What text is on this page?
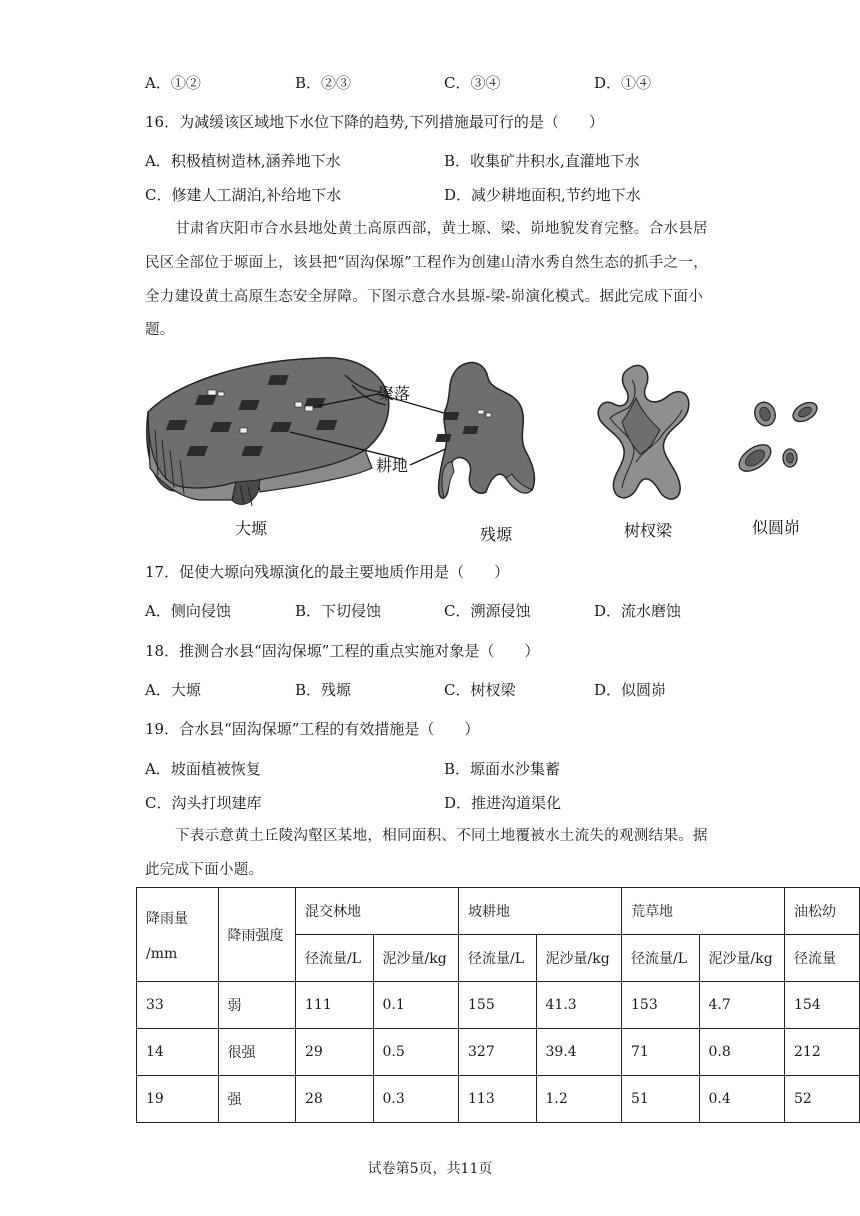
A．①②	B．②③	C．③④	D．①④
16．为减缓该区域地下水位下降的趋势,下列措施最可行的是（　　）
A．积极植树造林,涵养地下水	B．收集矿井积水,直灌地下水
C．修建人工湖泊,补给地下水	D．减少耕地面积,节约地下水
甘肃省庆阳市合水县地处黄土高原西部，黄土塬、梁、峁地貌发育完整。合水县居
民区全部位于塬面上，该县把“固沟保塬”工程作为创建山清水秀自然生态的抓手之一，
全力建设黄土高原生态安全屏障。下图示意合水县塬-梁-峁演化模式。据此完成下面小
题。
聚落
耕地
大塬	残塬	树杈梁	似圆峁
17．促使大塬向残塬演化的最主要地质作用是（　　）
A．侧向侵蚀	B．下切侵蚀	C．溯源侵蚀	D．流水磨蚀
18．推测合水县“固沟保塬”工程的重点实施对象是（　　）
A．大塬	B．残塬	C．树杈梁	D．似圆峁
19．合水县“固沟保塬”工程的有效措施是（　　）
A．坡面植被恢复	B．塬面水沙集蓄
C．沟头打坝建库	D．推进沟道渠化
下表示意黄土丘陵沟壑区某地，相同面积、不同土地覆被水土流失的观测结果。据
此完成下面小题。
降雨量
/mm	降雨强度	混交林地		坡耕地		荒草地		油松幼
		径流量/L	泥沙量/kg	径流量/L	泥沙量/kg	径流量/L	泥沙量/kg	径流量
33	弱	111	0.1	155	41.3	153	4.7	154
14	很强	29	0.5	327	39.4	71	0.8	212
19	强	28	0.3	113	1.2	51	0.4	52
试卷第5页，共11页
